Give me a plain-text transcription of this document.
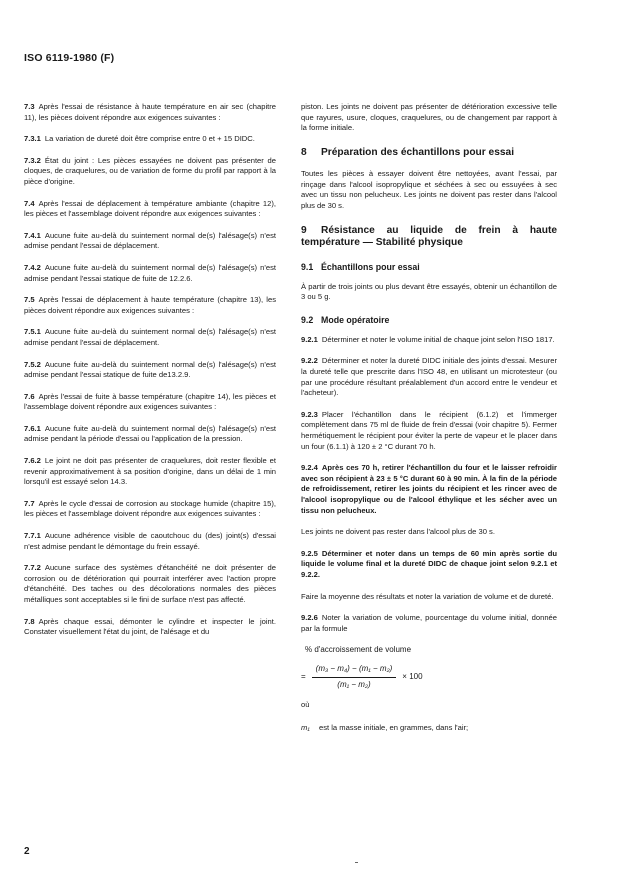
ISO 6119-1980 (F)

7.3 Après l'essai de résistance à haute température en air sec (chapitre 11), les pièces doivent répondre aux exigences suivantes :

7.3.1 La variation de dureté doit être comprise entre 0 et + 15 DIDC.

7.3.2 État du joint : Les pièces essayées ne doivent pas présenter de cloques, de craquelures, ou de variation de forme du profil par rapport à la pièce d'origine.

7.4 Après l'essai de déplacement à température ambiante (chapitre 12), les pièces et l'assemblage doivent répondre aux exigences suivantes :

7.4.1 Aucune fuite au-delà du suintement normal de(s) l'alésage(s) n'est admise pendant l'essai de déplacement.

7.4.2 Aucune fuite au-delà du suintement normal de(s) l'alésage(s) n'est admise pendant l'essai statique de fuite de 12.2.6.

7.5 Après l'essai de déplacement à haute température (chapitre 13), les pièces doivent répondre aux exigences suivantes :

7.5.1 Aucune fuite au-delà du suintement normal de(s) l'alésage(s) n'est admise pendant l'essai de déplacement.

7.5.2 Aucune fuite au-delà du suintement normal de(s) l'alésage(s) n'est admise pendant l'essai statique de fuite de13.2.9.

7.6 Après l'essai de fuite à basse température (chapitre 14), les pièces et l'assemblage doivent répondre aux exigences suivantes :

7.6.1 Aucune fuite au-delà du suintement normal de(s) l'alésage(s) n'est admise pendant la période d'essai ou l'application de la pression.

7.6.2 Le joint ne doit pas présenter de craquelures, doit rester flexible et revenir approximativement à sa position d'origine, dans un délai de 1 min lorsqu'il est essayé selon 14.3.

7.7 Après le cycle d'essai de corrosion au stockage humide (chapitre 15), les pièces et l'assemblage doivent répondre aux exigences suivantes :

7.7.1 Aucune adhérence visible de caoutchouc du (des) joint(s) d'essai n'est admise pendant le démontage du frein essayé.

7.7.2 Aucune surface des systèmes d'étanchéité ne doit présenter de corrosion ou de détérioration qui pourrait interférer avec l'action propre d'étanchéité. Des taches ou des décolorations normales des pièces métalliques sont acceptables si le fini de surface n'est pas affecté.

7.8 Après chaque essai, démonter le cylindre et inspecter le joint. Constater visuellement l'état du joint, de l'alésage et du

piston. Les joints ne doivent pas présenter de détérioration excessive telle que rayures, usure, cloques, craquelures, ou de changement par rapport à la forme initiale.

8 Préparation des échantillons pour essai

Toutes les pièces à essayer doivent être nettoyées, avant l'essai, par rinçage dans l'alcool isopropylique et séchées à sec ou essuyées à sec avec un tissu non pelucheux. Les joints ne doivent pas rester dans l'alcool plus de 30 s.

9 Résistance au liquide de frein à haute température — Stabilité physique
9.1 Échantillons pour essai

À partir de trois joints ou plus devant être essayés, obtenir un échantillon de 3 ou 5 g.

9.2 Mode opératoire

9.2.1 Déterminer et noter le volume initial de chaque joint selon l'ISO 1817.

9.2.2 Déterminer et noter la dureté DIDC initiale des joints d'essai. Mesurer la dureté telle que prescrite dans l'ISO 48, en utilisant un microtesteur (ou par une procédure résultant préalablement d'un accord entre le vendeur et l'acheteur).

9.2.3 Placer l'échantillon dans le récipient (6.1.2) et l'immerger complètement dans 75 ml de fluide de frein d'essai (voir chapitre 5). Fermer hermétiquement le récipient pour éviter la perte de vapeur et le placer dans un four (6.1.1) à 120 ± 2 °C durant 70 h.

9.2.4 Après ces 70 h, retirer l'échantillon du four et le laisser refroidir avec son récipient à 23 ± 5 °C durant 60 à 90 min. À la fin de la période de refroidissement, retirer les joints du récipient et les rincer avec de l'alcool isopropylique ou de l'alcool éthylique et les sécher avec un tissu non pelucheux.

Les joints ne doivent pas rester dans l'alcool plus de 30 s.

9.2.5 Déterminer et noter dans un temps de 60 min après sortie du liquide le volume final et la dureté DIDC de chaque joint selon 9.2.1 et 9.2.2.

Faire la moyenne des résultats et noter la variation de volume et de dureté.

9.2.6 Noter la variation de volume, pourcentage du volume initial, donnée par la formule

% d'accroissement de volume
= $\frac{\text{(m₃ − m₄) − (m₁ − m₂)}}{\text{(m₁ − m₂)}} \times 100$
où
m₁	est la masse initiale, en grammes, dans l'air;
2
